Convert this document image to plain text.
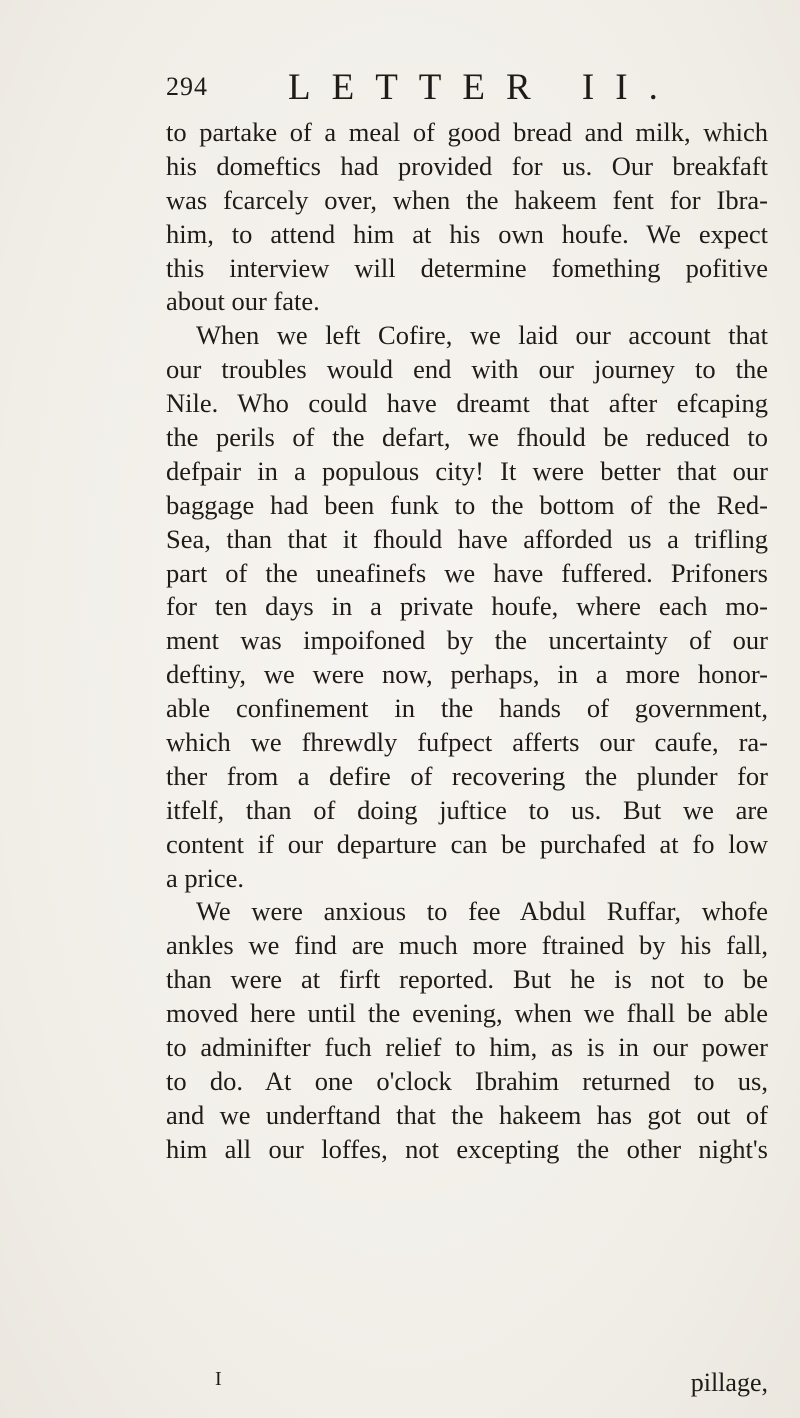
294 LETTER II.
to partake of a meal of good bread and milk, which
his domeftics had provided for us. Our breakfaft
was fcarcely over, when the hakeem fent for Ibra-
him, to attend him at his own houfe. We expect
this interview will determine fomething pofitive
about our fate.
When we left Cofire, we laid our account that
our troubles would end with our journey to the
Nile. Who could have dreamt that after efcaping
the perils of the defart, we fhould be reduced to
defpair in a populous city! It were better that our
baggage had been funk to the bottom of the Red-
Sea, than that it fhould have afforded us a trifling
part of the uneafinefs we have fuffered. Prifoners
for ten days in a private houfe, where each mo-
ment was impoifoned by the uncertainty of our
deftiny, we were now, perhaps, in a more honor-
able confinement in the hands of government,
which we fhrewdly fufpect afferts our caufe, ra-
ther from a defire of recovering the plunder for
itfelf, than of doing juftice to us. But we are
content if our departure can be purchafed at fo low
a price.
We were anxious to fee Abdul Ruffar, whofe
ankles we find are much more ftrained by his fall,
than were at firft reported. But he is not to be
moved here until the evening, when we fhall be able
to adminifter fuch relief to him, as is in our power
to do. At one o'clock Ibrahim returned to us,
and we underftand that the hakeem has got out of
him all our loffes, not excepting the other night's
I	pillage,
